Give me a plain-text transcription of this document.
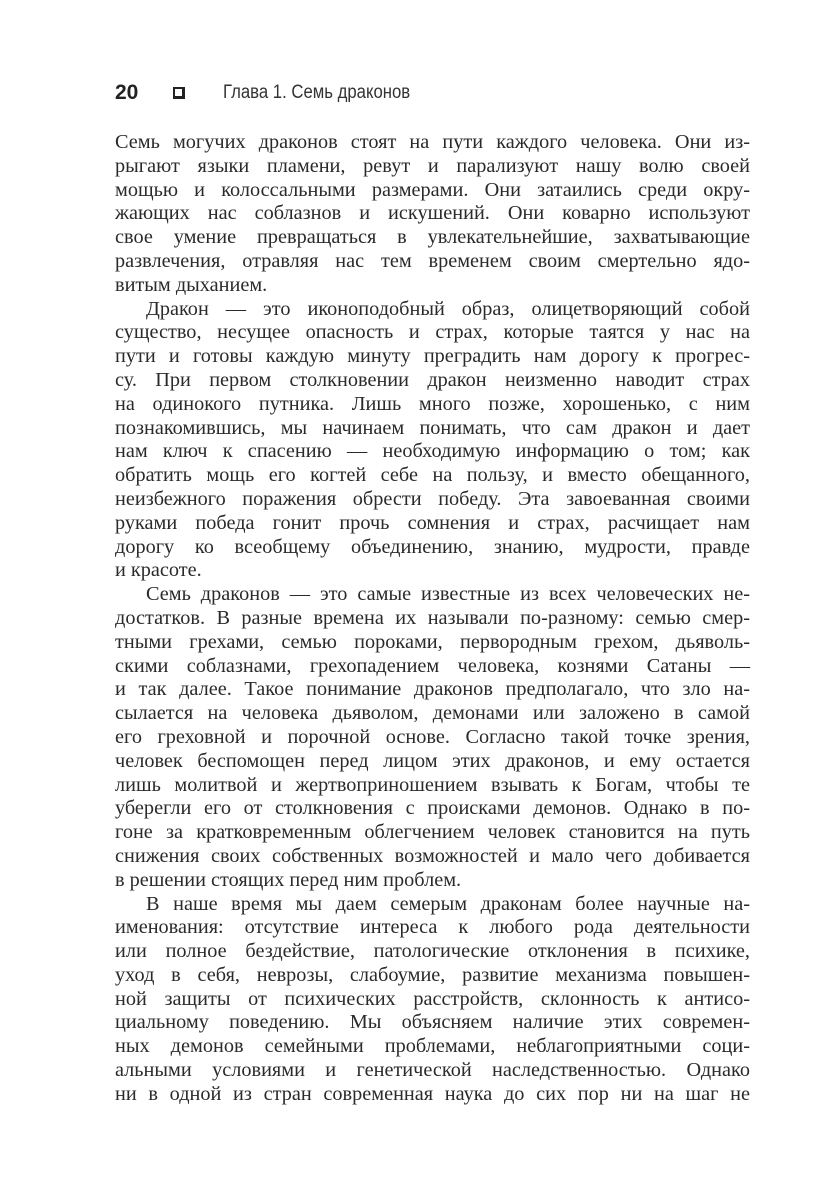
20	Глава 1. Семь драконов
Семь могучих драконов стоят на пути каждого человека. Они из-
рыгают языки пламени, ревут и парализуют нашу волю своей
мощью и колоссальными размерами. Они затаились среди окру-
жающих нас соблазнов и искушений. Они коварно используют
свое умение превращаться в увлекательнейшие, захватывающие
развлечения, отравляя нас тем временем своим смертельно ядо-
витым дыханием.
Дракон — это иконоподобный образ, олицетворяющий собой
существо, несущее опасность и страх, которые таятся у нас на
пути и готовы каждую минуту преградить нам дорогу к прогрес-
су. При первом столкновении дракон неизменно наводит страх
на одинокого путника. Лишь много позже, хорошенько, с ним
познакомившись, мы начинаем понимать, что сам дракон и дает
нам ключ к спасению — необходимую информацию о том; как
обратить мощь его когтей себе на пользу, и вместо обещанного,
неизбежного поражения обрести победу. Эта завоеванная своими
руками победа гонит прочь сомнения и страх, расчищает нам
дорогу ко всеобщему объединению, знанию, мудрости, правде
и красоте.
Семь драконов — это самые известные из всех человеческих не-
достатков. В разные времена их называли по-разному: семью смер-
тными грехами, семью пороками, первородным грехом, дьяволь-
скими соблазнами, грехопадением человека, кознями Сатаны —
и так далее. Такое понимание драконов предполагало, что зло на-
сылается на человека дьяволом, демонами или заложено в самой
его греховной и порочной основе. Согласно такой точке зрения,
человек беспомощен перед лицом этих драконов, и ему остается
лишь молитвой и жертвоприношением взывать к Богам, чтобы те
уберегли его от столкновения с происками демонов. Однако в по-
гоне за кратковременным облегчением человек становится на путь
снижения своих собственных возможностей и мало чего добивается
в решении стоящих перед ним проблем.
В наше время мы даем семерым драконам более научные на-
именования: отсутствие интереса к любого рода деятельности
или полное бездействие, патологические отклонения в психике,
уход в себя, неврозы, слабоумие, развитие механизма повышен-
ной защиты от психических расстройств, склонность к антисо-
циальному поведению. Мы объясняем наличие этих современ-
ных демонов семейными проблемами, неблагоприятными соци-
альными условиями и генетической наследственностью. Однако
ни в одной из стран современная наука до сих пор ни на шаг не
